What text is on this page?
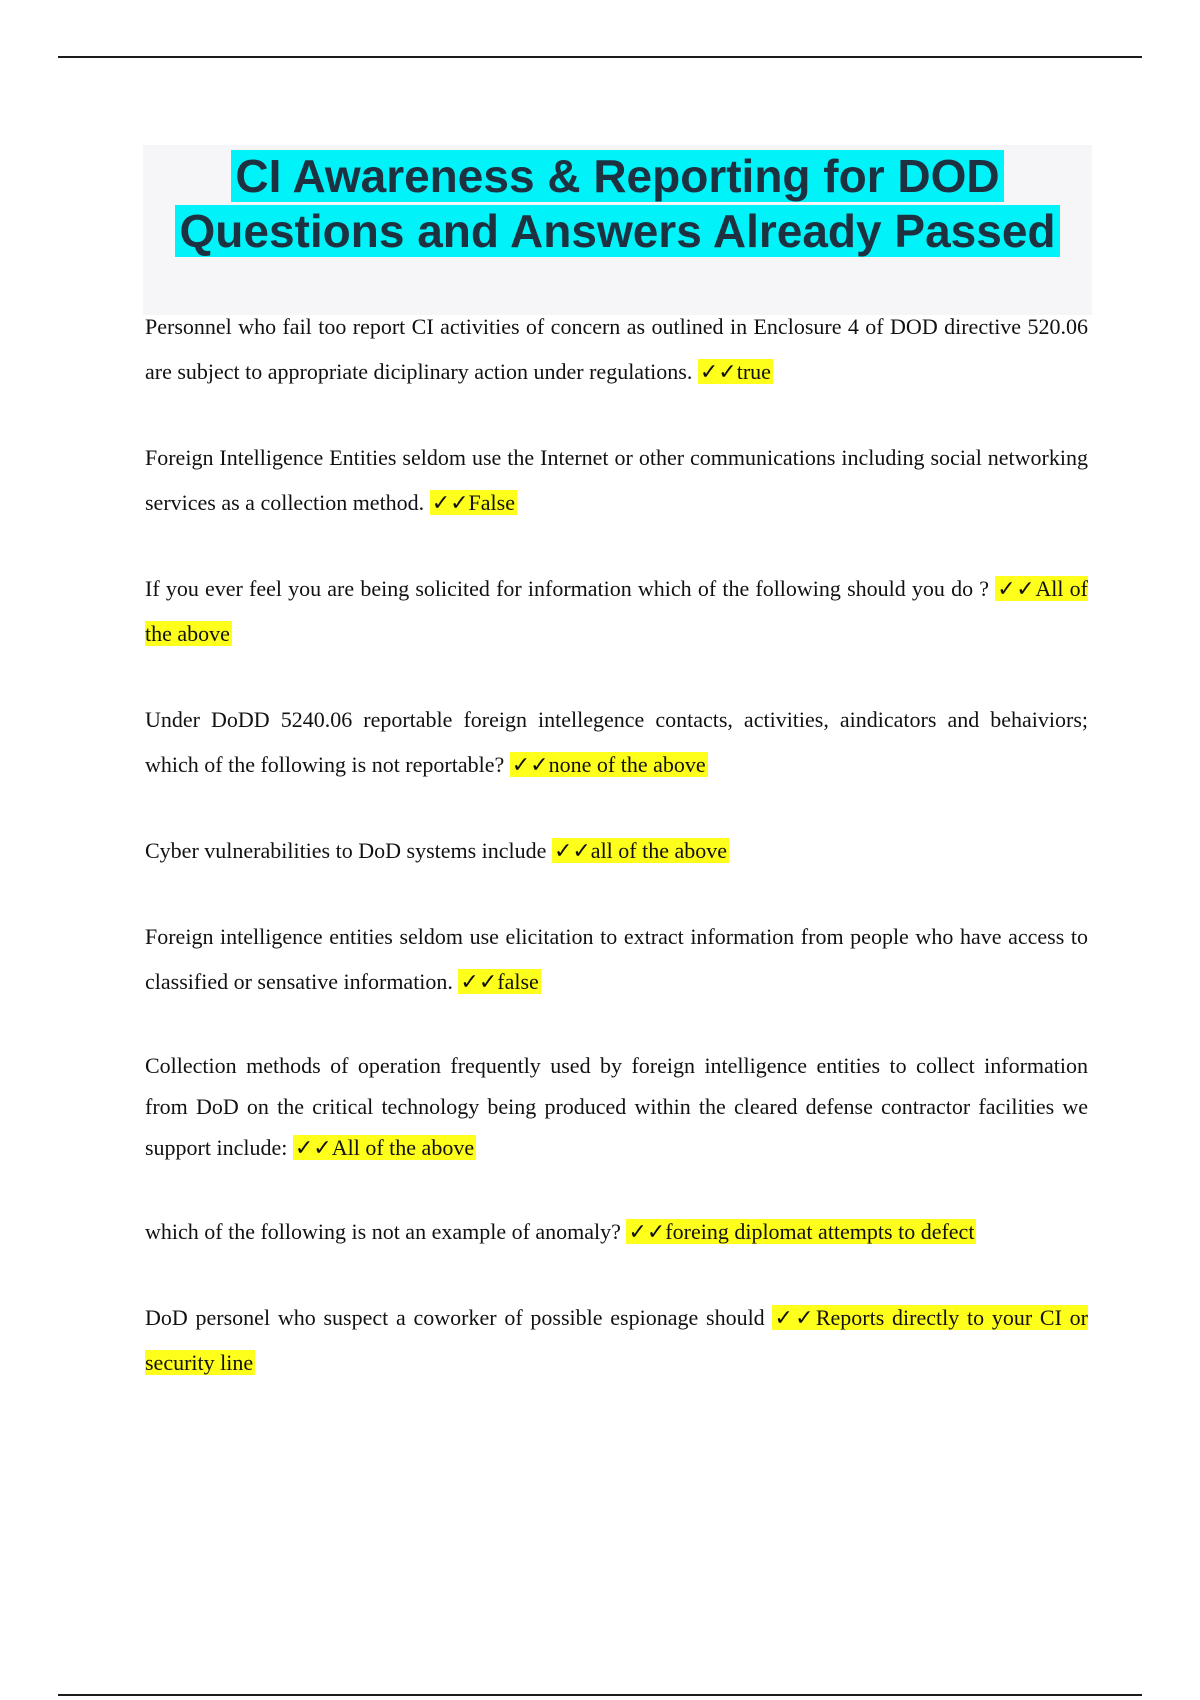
CI Awareness & Reporting for DOD
Questions and Answers Already Passed

Personnel who fail too report CI activities of concern as outlined in Enclosure 4 of DOD directive 520.06 are subject to appropriate diciplinary action under regulations. ✓✓true

Foreign Intelligence Entities seldom use the Internet or other communications including social networking services as a collection method. ✓✓False

If you ever feel you are being solicited for information which of the following should you do ? ✓✓All of the above

Under DoDD 5240.06 reportable foreign intellegence contacts, activities, aindicators and behaiviors; which of the following is not reportable? ✓✓none of the above

Cyber vulnerabilities to DoD systems include ✓✓all of the above

Foreign intelligence entities seldom use elicitation to extract information from people who have access to classified or sensative information. ✓✓false

Collection methods of operation frequently used by foreign intelligence entities to collect information from DoD on the critical technology being produced within the cleared defense contractor facilities we support include: ✓✓All of the above

which of the following is not an example of anomaly? ✓✓foreing diplomat attempts to defect

DoD personel who suspect a coworker of possible espionage should ✓✓Reports directly to your CI or security line
